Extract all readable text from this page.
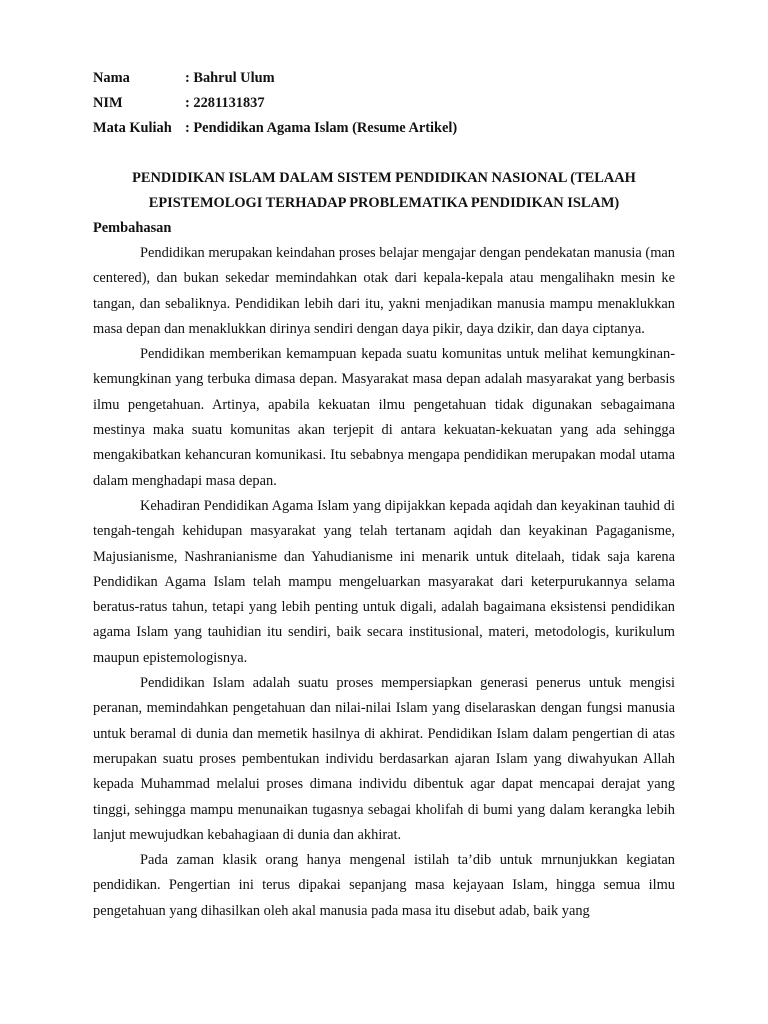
Nama	: Bahrul Ulum
NIM	: 2281131837
Mata Kuliah : Pendidikan Agama Islam (Resume Artikel)
PENDIDIKAN ISLAM DALAM SISTEM PENDIDIKAN NASIONAL (TELAAH
EPISTEMOLOGI TERHADAP PROBLEMATIKA PENDIDIKAN ISLAM)
Pembahasan

Pendidikan merupakan keindahan proses belajar mengajar dengan pendekatan manusia (man centered), dan bukan sekedar memindahkan otak dari kepala-kepala atau mengalihakn mesin ke tangan, dan sebaliknya. Pendidikan lebih dari itu, yakni menjadikan manusia mampu menaklukkan masa depan dan menaklukkan dirinya sendiri dengan daya pikir, daya dzikir, dan daya ciptanya.

Pendidikan memberikan kemampuan kepada suatu komunitas untuk melihat kemungkinan-kemungkinan yang terbuka dimasa depan. Masyarakat masa depan adalah masyarakat yang berbasis ilmu pengetahuan. Artinya, apabila kekuatan ilmu pengetahuan tidak digunakan sebagaimana mestinya maka suatu komunitas akan terjepit di antara kekuatan-kekuatan yang ada sehingga mengakibatkan kehancuran komunikasi. Itu sebabnya mengapa pendidikan merupakan modal utama dalam menghadapi masa depan.

Kehadiran Pendidikan Agama Islam yang dipijakkan kepada aqidah dan keyakinan tauhid di tengah-tengah kehidupan masyarakat yang telah tertanam aqidah dan keyakinan Pagaganisme, Majusianisme, Nashranianisme dan Yahudianisme ini menarik untuk ditelaah, tidak saja karena Pendidikan Agama Islam telah mampu mengeluarkan masyarakat dari keterpurukannya selama beratus-ratus tahun, tetapi yang lebih penting untuk digali, adalah bagaimana eksistensi pendidikan agama Islam yang tauhidian itu sendiri, baik secara institusional, materi, metodologis, kurikulum maupun epistemologisnya.

Pendidikan Islam adalah suatu proses mempersiapkan generasi penerus untuk mengisi peranan, memindahkan pengetahuan dan nilai-nilai Islam yang diselaraskan dengan fungsi manusia untuk beramal di dunia dan memetik hasilnya di akhirat. Pendidikan Islam dalam pengertian di atas merupakan suatu proses pembentukan individu berdasarkan ajaran Islam yang diwahyukan Allah kepada Muhammad melalui proses dimana individu dibentuk agar dapat mencapai derajat yang tinggi, sehingga mampu menunaikan tugasnya sebagai kholifah di bumi yang dalam kerangka lebih lanjut mewujudkan kebahagiaan di dunia dan akhirat.

Pada zaman klasik orang hanya mengenal istilah ta’dib untuk mrnunjukkan kegiatan pendidikan. Pengertian ini terus dipakai sepanjang masa kejayaan Islam, hingga semua ilmu pengetahuan yang dihasilkan oleh akal manusia pada masa itu disebut adab, baik yang
